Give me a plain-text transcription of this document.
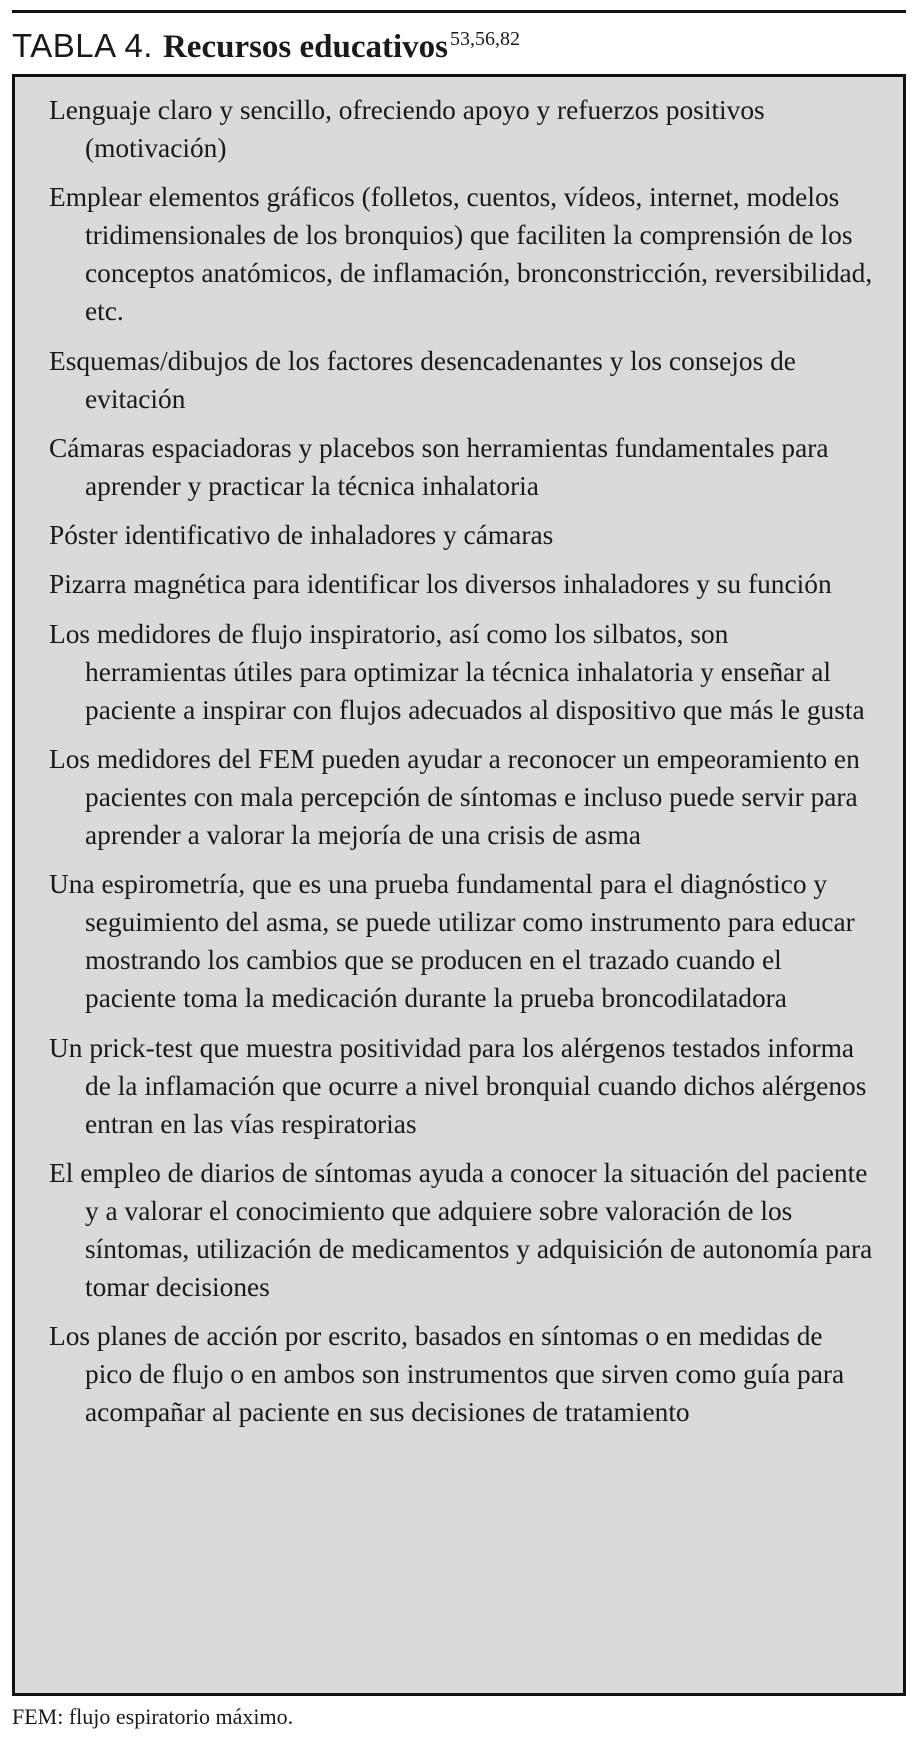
TABLA 4. Recursos educativos $^{53,56,82}$

Lenguaje claro y sencillo, ofreciendo apoyo y refuerzos positivos (motivación)

Emplear elementos gráficos (folletos, cuentos, vídeos, internet, modelos tridimensionales de los bronquios) que faciliten la comprensión de los conceptos anatómicos, de inflamación, bronconstricción, reversibilidad, etc.

Esquemas/dibujos de los factores desencadenantes y los consejos de evitación

Cámaras espaciadoras y placebos son herramientas fundamentales para aprender y practicar la técnica inhalatoria

Póster identificativo de inhaladores y cámaras

Pizarra magnética para identificar los diversos inhaladores y su función

Los medidores de flujo inspiratorio, así como los silbatos, son herramientas útiles para optimizar la técnica inhalatoria y enseñar al paciente a inspirar con flujos adecuados al dispositivo que más le gusta

Los medidores del FEM pueden ayudar a reconocer un empeoramiento en pacientes con mala percepción de síntomas e incluso puede servir para aprender a valorar la mejoría de una crisis de asma

Una espirometría, que es una prueba fundamental para el diagnóstico y seguimiento del asma, se puede utilizar como instrumento para educar mostrando los cambios que se producen en el trazado cuando el paciente toma la medicación durante la prueba broncodilatadora

Un prick-test que muestra positividad para los alérgenos testados informa de la inflamación que ocurre a nivel bronquial cuando dichos alérgenos entran en las vías respiratorias

El empleo de diarios de síntomas ayuda a conocer la situación del paciente y a valorar el conocimiento que adquiere sobre valoración de los síntomas, utilización de medicamentos y adquisición de autonomía para tomar decisiones

Los planes de acción por escrito, basados en síntomas o en medidas de pico de flujo o en ambos son instrumentos que sirven como guía para acompañar al paciente en sus decisiones de tratamiento

FEM: flujo espiratorio máximo.
